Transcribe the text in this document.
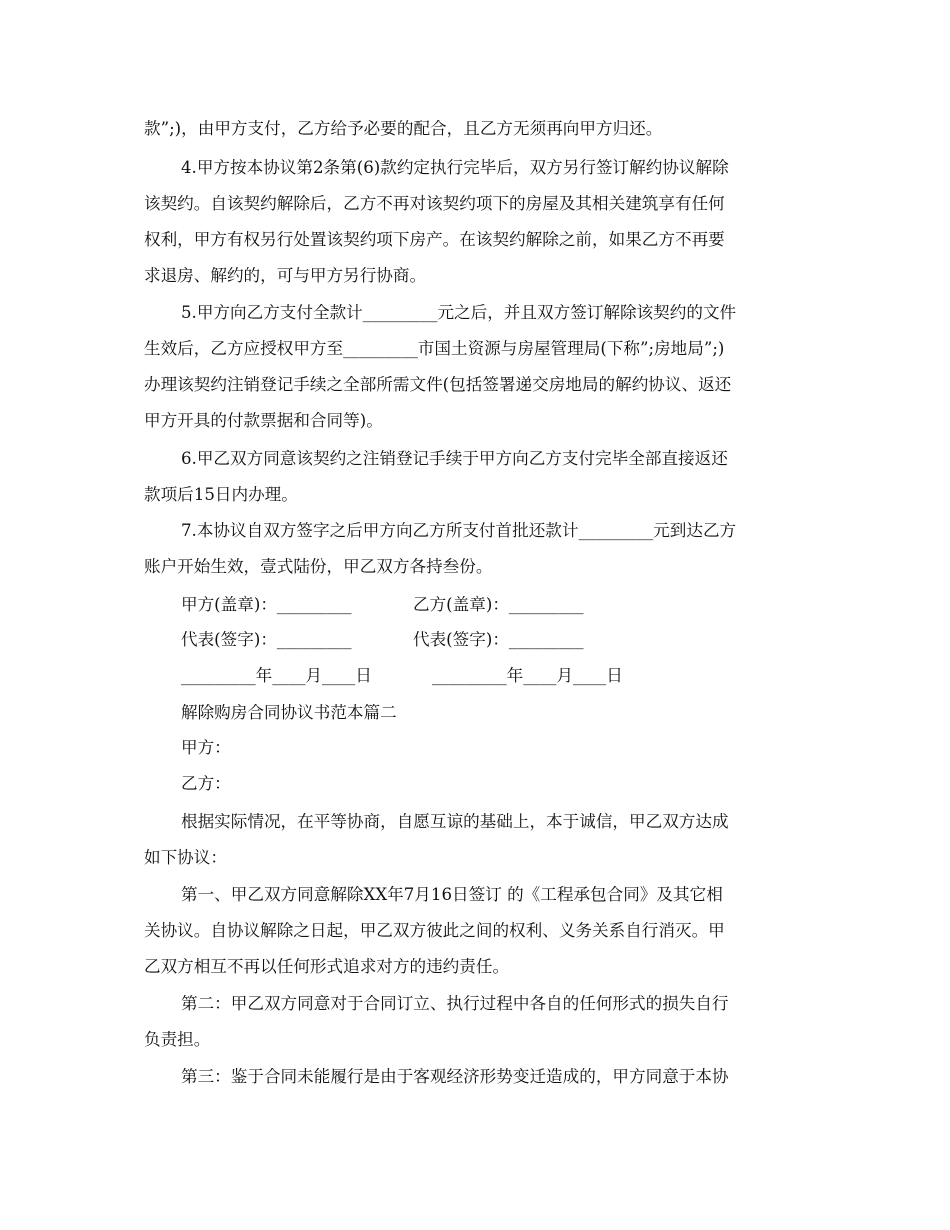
款”;)，由甲方支付，乙方给予必要的配合，且乙方无须再向甲方归还。
4.甲方按本协议第2条第(6)款约定执行完毕后，双方另行签订解约协议解除
该契约。自该契约解除后，乙方不再对该契约项下的房屋及其相关建筑享有任何
权利，甲方有权另行处置该契约项下房产。在该契约解除之前，如果乙方不再要
求退房、解约的，可与甲方另行协商。
5.甲方向乙方支付全款计_________元之后，并且双方签订解除该契约的文件
生效后，乙方应授权甲方至_________市国土资源与房屋管理局(下称”;房地局”;)
办理该契约注销登记手续之全部所需文件(包括签署递交房地局的解约协议、返还
甲方开具的付款票据和合同等)。
6.甲乙双方同意该契约之注销登记手续于甲方向乙方支付完毕全部直接返还
款项后15日内办理。
7.本协议自双方签字之后甲方向乙方所支付首批还款计_________元到达乙方
账户开始生效，壹式陆份，甲乙双方各持叁份。
甲方(盖章)：_________	乙方(盖章)：_________
代表(签字)：_________	代表(签字)：_________
_________年____月____日	_________年____月____日
解除购房合同协议书范本篇二
甲方：
乙方：
根据实际情况，在平等协商，自愿互谅的基础上，本于诚信，甲乙双方达成
如下协议：
第一、甲乙双方同意解除XX年7月16日签订 的《工程承包合同》及其它相
关协议。自协议解除之日起，甲乙双方彼此之间的权利、义务关系自行消灭。甲
乙双方相互不再以任何形式追求对方的违约责任。
第二：甲乙双方同意对于合同订立、执行过程中各自的任何形式的损失自行
负责担。
第三：鉴于合同未能履行是由于客观经济形势变迁造成的，甲方同意于本协
